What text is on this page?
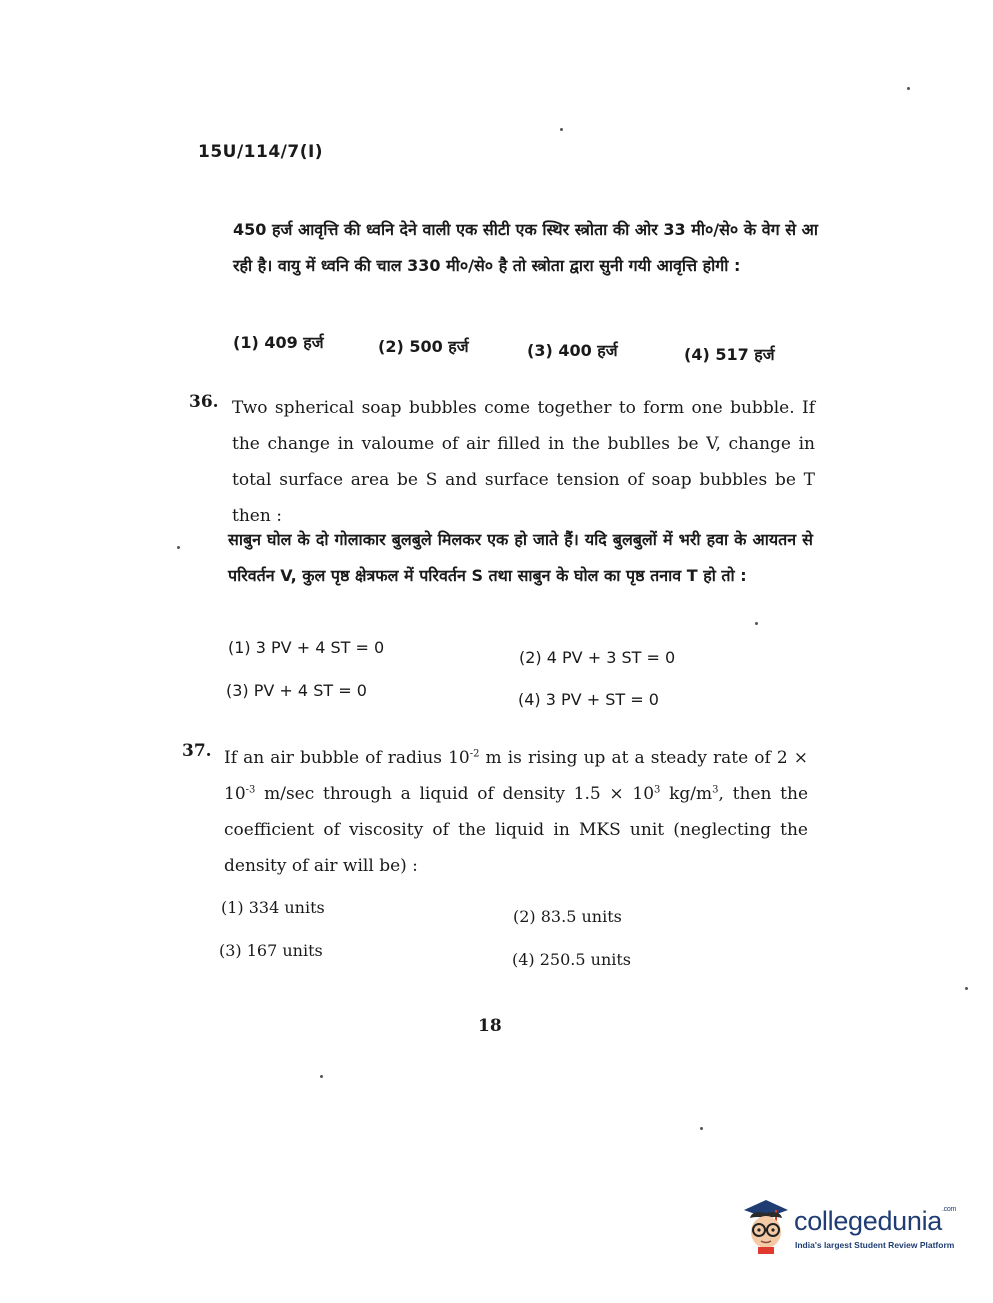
15U/114/7(I)
450 हर्ज आवृत्ति की ध्वनि देने वाली एक सीटी एक स्थिर स्त्रोता की ओर 33 मी०/से० के वेग से आ रही है। वायु में ध्वनि की चाल 330 मी०/से० है तो स्त्रोता द्वारा सुनी गयी आवृत्ति होगी :
(1) 409 हर्ज	(2) 500 हर्ज	(3) 400 हर्ज	(4) 517 हर्ज
36. Two spherical soap bubbles come together to form one bubble. If the change in valoume of air filled in the bublles be V, change in total surface area be S and surface tension of soap bubbles be T then :
साबुन घोल के दो गोलाकार बुलबुले मिलकर एक हो जाते हैं। यदि बुलबुलों में भरी हवा के आयतन से परिवर्तन V, कुल पृष्ठ क्षेत्रफल में परिवर्तन S तथा साबुन के घोल का पृष्ठ तनाव T हो तो :
(1) 3 PV + 4 ST = 0
(2) 4 PV + 3 ST = 0
(3) PV + 4 ST = 0	(4) 3 PV + ST = 0
37. If an air bubble of radius $10^{-2}$ m is rising up at a steady rate of $2 \times 10^{-3}$ m/sec through a liquid of density $1.5 \times 10^3$ $kg/m^3$, then the coefficient of viscosity of the liquid in MKS unit (neglecting the density of air will be) :
(1) 334 units	(2) 83.5 units
(3) 167 units	(4) 250.5 units
18
collegedunia$^{.com}$
India's largest Student Review Platform
